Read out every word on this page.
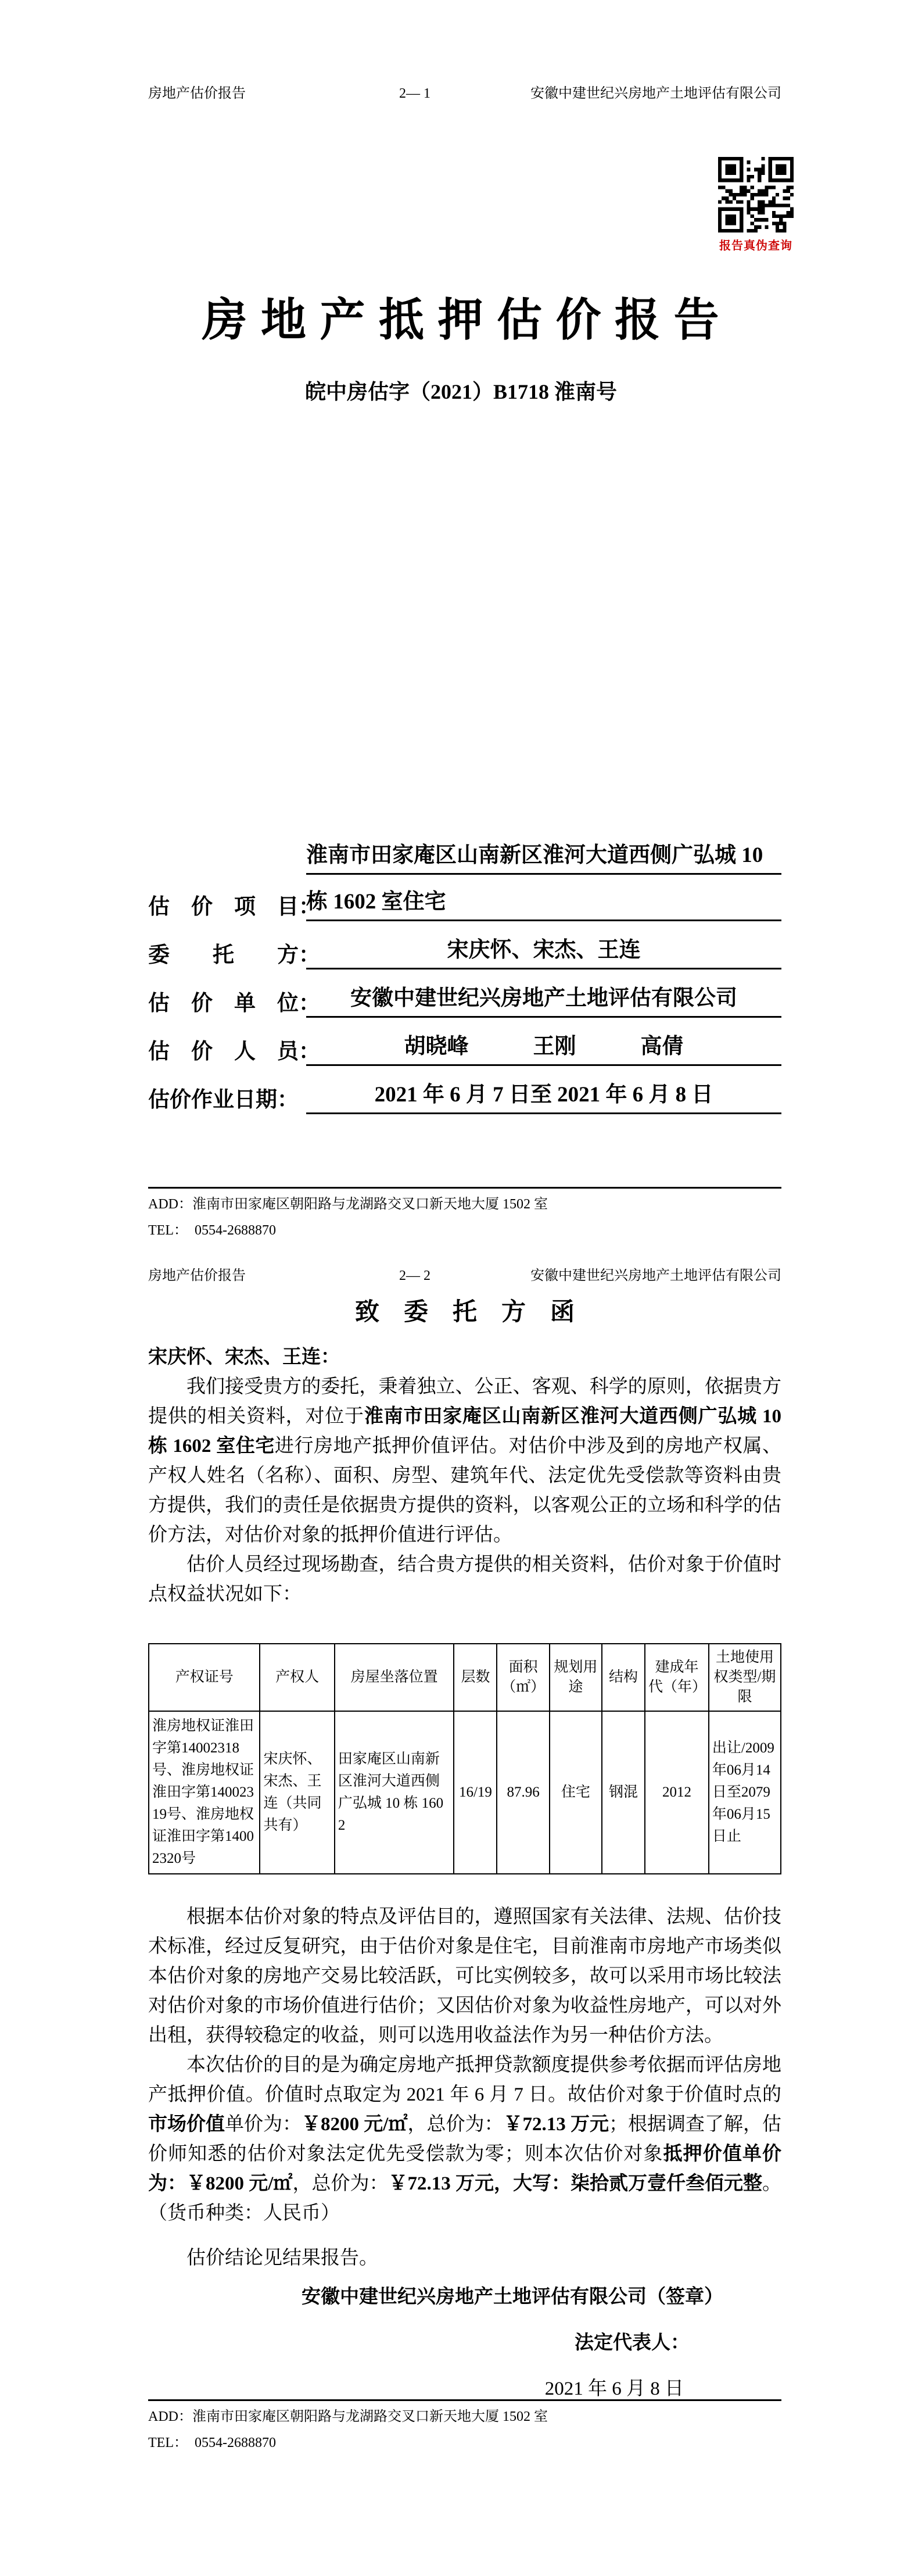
房地产估价报告	2— 1	安徽中建世纪兴房地产土地评估有限公司
报告真伪查询
房 地 产 抵 押 估 价 报 告
皖中房估字（2021）B1718 淮南号
估　价　项　目：
淮南市田家庵区山南新区淮河大道西侧广弘城 10
栋 1602 室住宅
委　　托　　方：	宋庆怀、宋杰、王连
估　价　单　位：	安徽中建世纪兴房地产土地评估有限公司
估　价　人　员：	胡晓峰　　　王刚　　　高倩
估价作业日期：	2021 年 6 月 7 日至 2021 年 6 月 8 日
ADD：淮南市田家庵区朝阳路与龙湖路交叉口新天地大厦 1502 室
TEL：　0554-2688870
房地产估价报告	2— 2	安徽中建世纪兴房地产土地评估有限公司
致　委　托　方　函
宋庆怀、宋杰、王连：

我们接受贵方的委托，秉着独立、公正、客观、科学的原则，依据贵方提供的相关资料，对位于淮南市田家庵区山南新区淮河大道西侧广弘城 10 栋 1602 室住宅进行房地产抵押价值评估。对估价中涉及到的房地产权属、产权人姓名（名称）、面积、房型、建筑年代、法定优先受偿款等资料由贵方提供，我们的责任是依据贵方提供的资料，以客观公正的立场和科学的估价方法，对估价对象的抵押价值进行评估。

估价人员经过现场勘查，结合贵方提供的相关资料，估价对象于价值时点权益状况如下：

产权证号	产权人	房屋坐落位置	层数	面积（㎡）	规划用途	结构	建成年代（年）	土地使用权类型/期限
淮房地权证淮田字第14002318号、淮房地权证淮田字第14002319号、淮房地权证淮田字第14002320号	宋庆怀、宋杰、王连（共同共有）	田家庵区山南新区淮河大道西侧广弘城 10 栋 1602	16/19	87.96	住宅	钢混	2012	出让/2009年06月14日至2079年06月15日止

根据本估价对象的特点及评估目的，遵照国家有关法律、法规、估价技术标准，经过反复研究，由于估价对象是住宅，目前淮南市房地产市场类似本估价对象的房地产交易比较活跃，可比实例较多，故可以采用市场比较法对估价对象的市场价值进行估价；又因估价对象为收益性房地产，可以对外出租，获得较稳定的收益，则可以选用收益法作为另一种估价方法。

本次估价的目的是为确定房地产抵押贷款额度提供参考依据而评估房地产抵押价值。价值时点取定为 2021 年 6 月 7 日。故估价对象于价值时点的市场价值单价为：￥8200 元/㎡，总价为：￥72.13 万元；根据调查了解，估价师知悉的估价对象法定优先受偿款为零；则本次估价对象抵押价值单价为：￥8200 元/㎡，总价为：￥72.13 万元，大写：柒拾贰万壹仟叁佰元整。（货币种类：人民币）

估价结论见结果报告。

安徽中建世纪兴房地产土地评估有限公司（签章）
法定代表人：
2021 年 6 月 8 日
ADD：淮南市田家庵区朝阳路与龙湖路交叉口新天地大厦 1502 室
TEL：　0554-2688870
